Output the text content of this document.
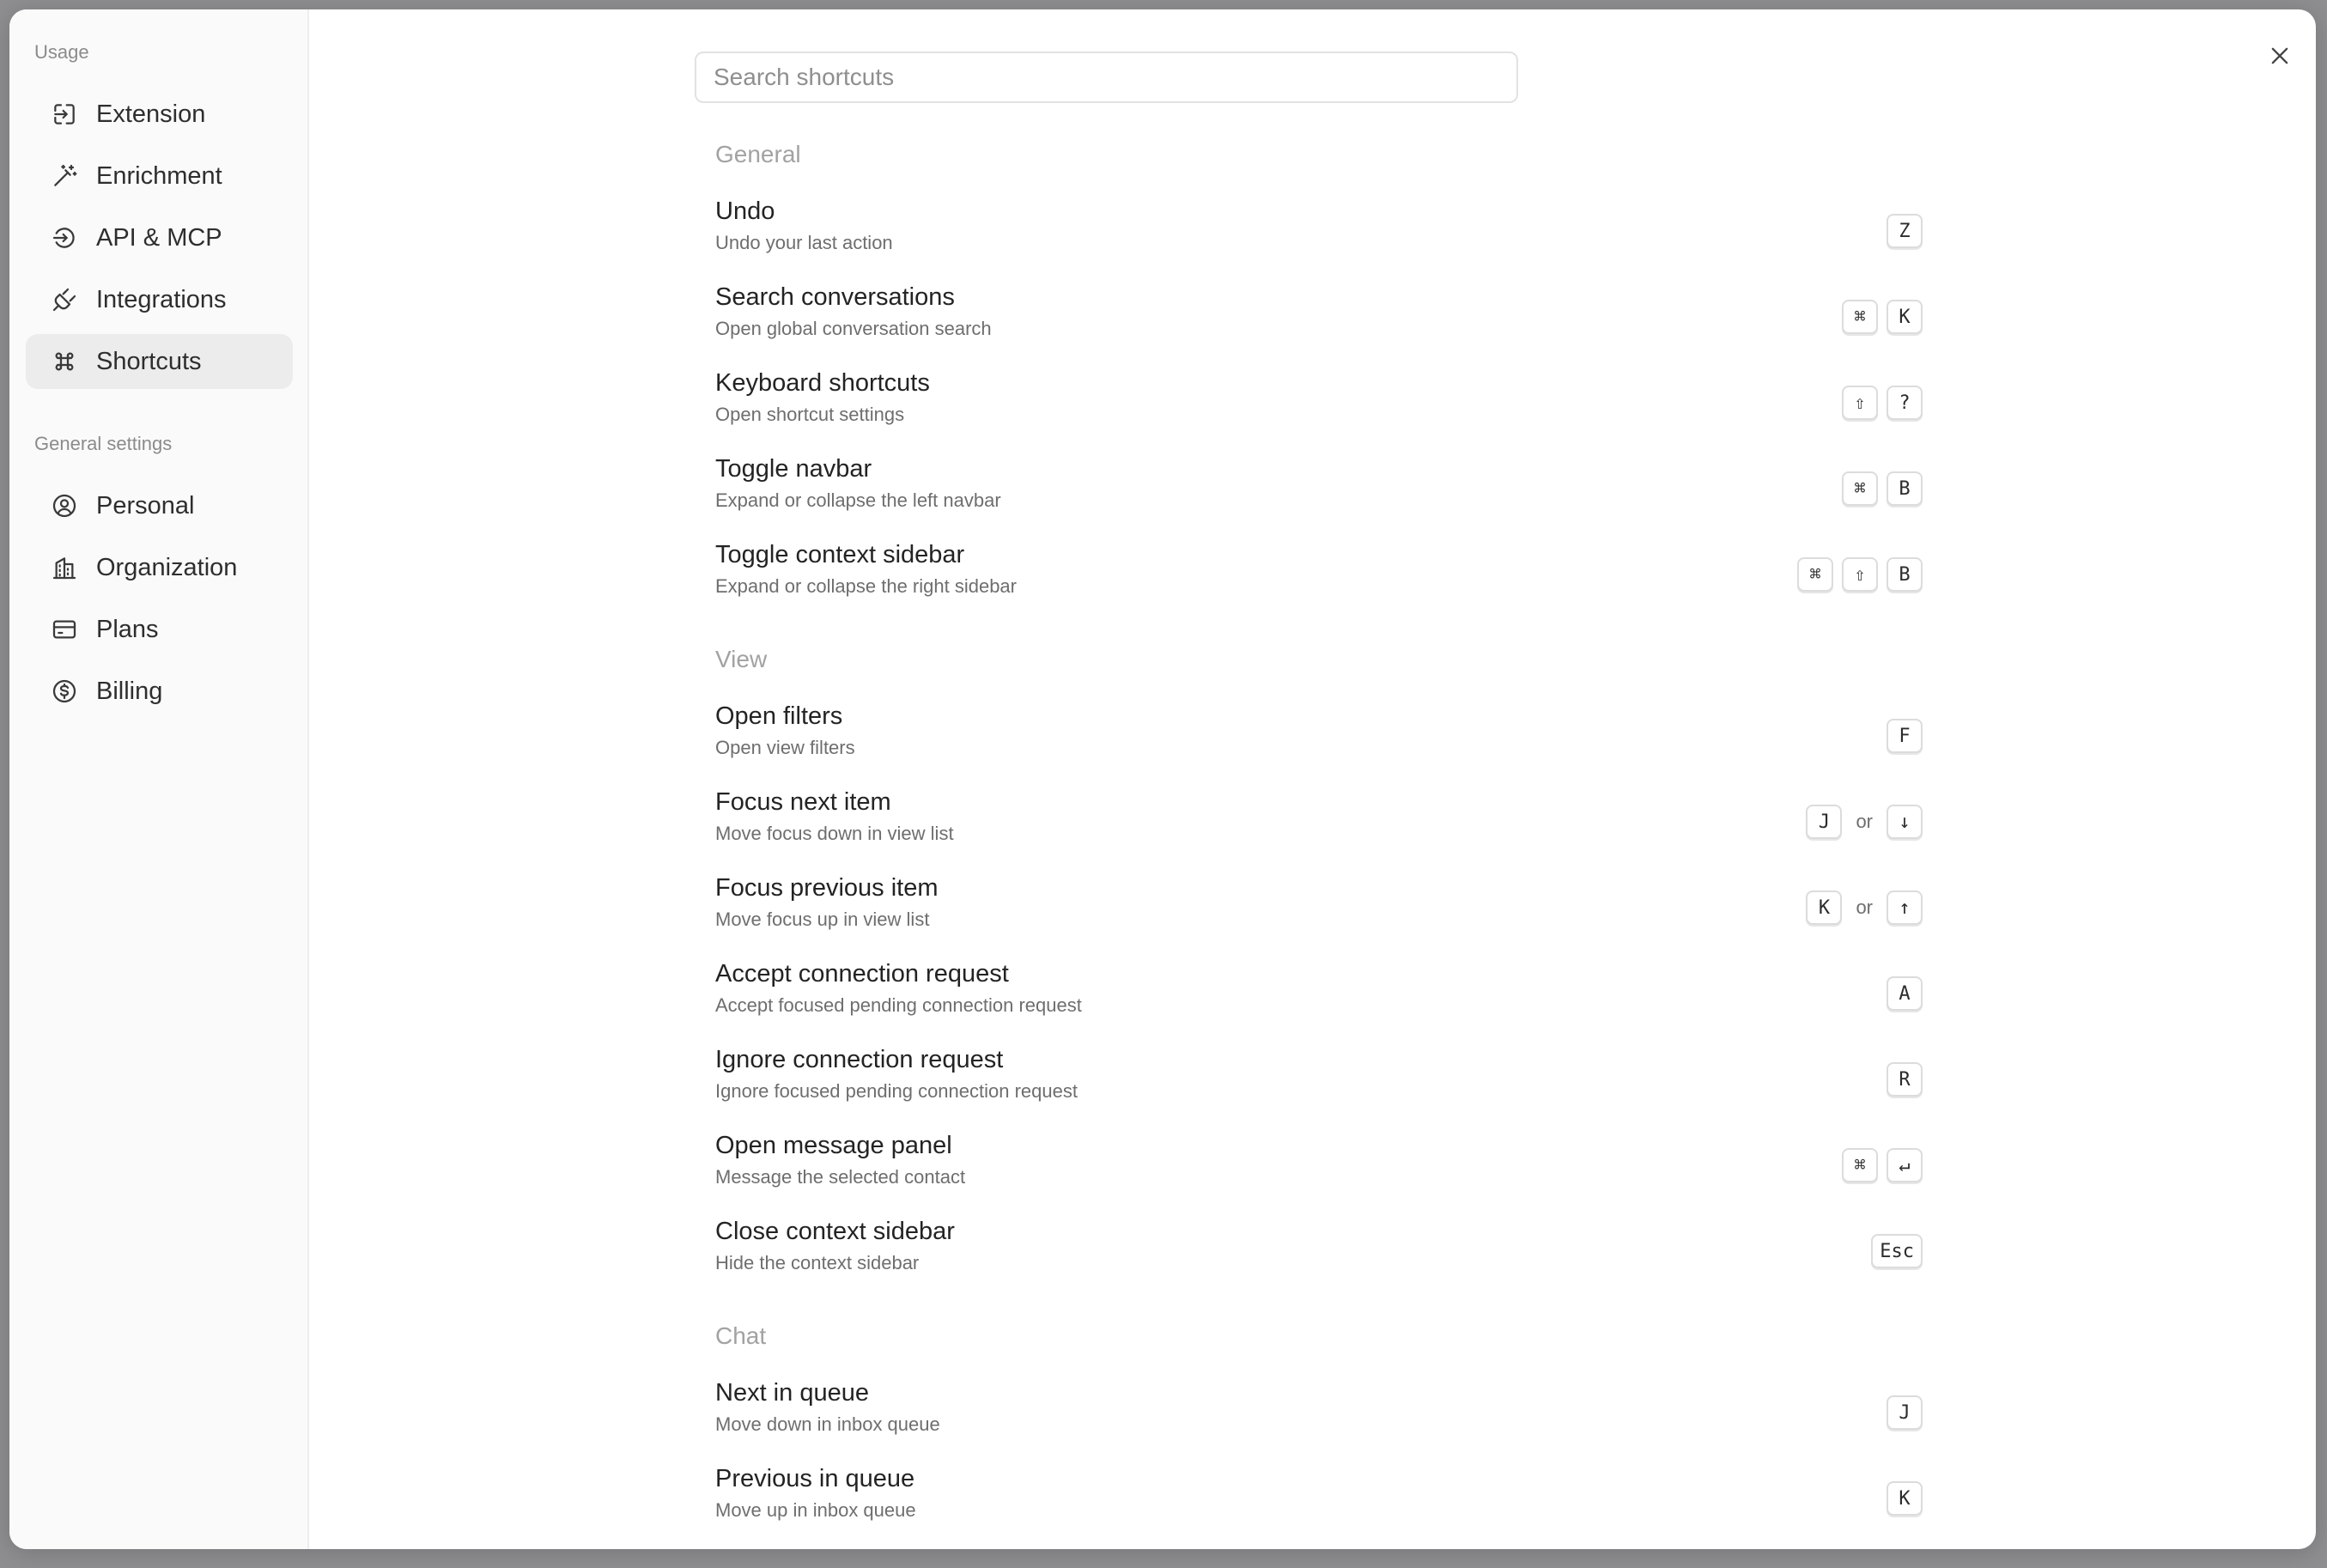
Usage
Extension
Enrichment
API & MCP
Integrations
Shortcuts
General settings
Personal
Organization
Plans
Billing
Search shortcuts
General
Undo
Undo your last action
Z
Search conversations
Open global conversation search
⌘	K
Keyboard shortcuts
Open shortcut settings
⇧	?
Toggle navbar
Expand or collapse the left navbar
⌘	B
Toggle context sidebar
Expand or collapse the right sidebar
⌘	⇧	B
View
Open filters
Open view filters
F
Focus next item
Move focus down in view list
J	or	↓
Focus previous item
Move focus up in view list
K	or	↑
Accept connection request
Accept focused pending connection request
A
Ignore connection request
Ignore focused pending connection request
R
Open message panel
Message the selected contact
⌘	↵
Close context sidebar
Hide the context sidebar
Esc
Chat
Next in queue
Move down in inbox queue
J
Previous in queue
Move up in inbox queue
K
